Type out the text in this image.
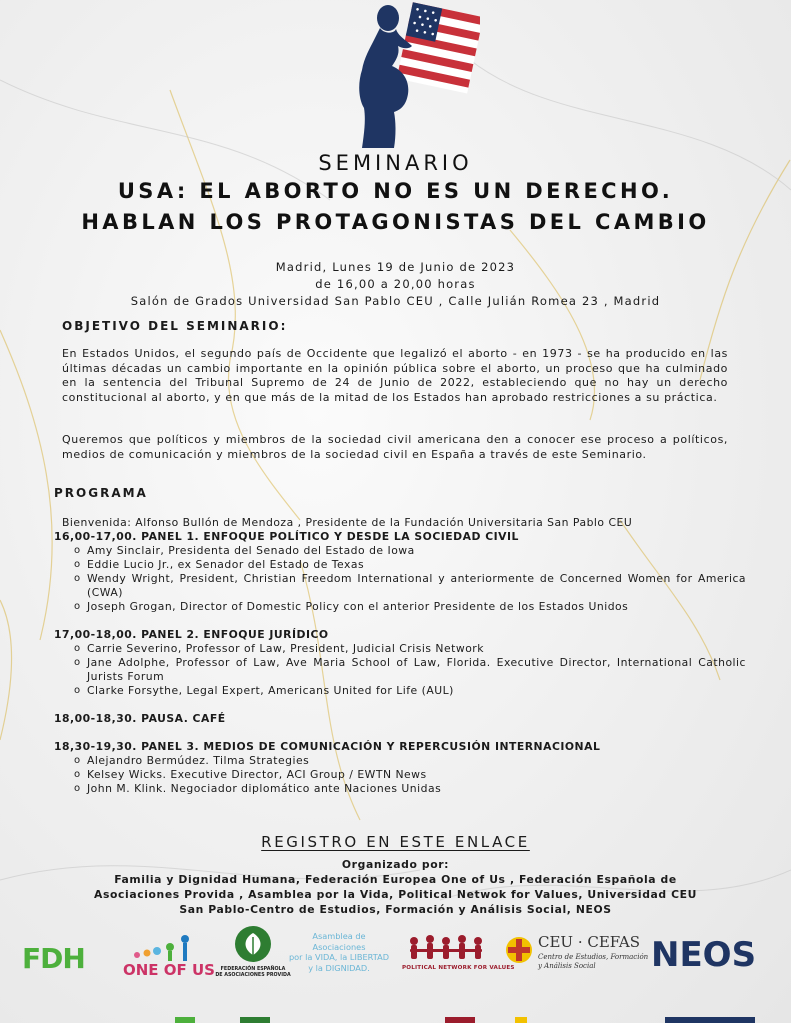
SEMINARIO
USA: EL ABORTO NO ES UN DERECHO.
HABLAN LOS PROTAGONISTAS DEL CAMBIO
Madrid, Lunes 19 de Junio de 2023
de 16,00 a 20,00 horas
Salón de Grados Universidad San Pablo CEU , Calle Julián Romea 23 , Madrid
OBJETIVO DEL SEMINARIO:
En Estados Unidos, el segundo país de Occidente que legalizó el aborto - en 1973 - se ha producido en las últimas décadas un cambio importante en la opinión pública sobre el aborto, un proceso que ha culminado en la sentencia del Tribunal Supremo de 24 de Junio de 2022, estableciendo que no hay un derecho constitucional al aborto, y en que más de la mitad de los Estados han aprobado restricciones a su práctica.
Queremos que políticos y miembros de la sociedad civil americana den a conocer ese proceso a políticos, medios de comunicación y miembros de la sociedad civil en España a través de este Seminario.
PROGRAMA
Bienvenida: Alfonso Bullón de Mendoza , Presidente de la Fundación Universitaria San Pablo CEU
16,00-17,00. PANEL 1. ENFOQUE POLÍTICO Y DESDE LA SOCIEDAD CIVIL
o Amy Sinclair, Presidenta del Senado del Estado de Iowa
o Eddie Lucio Jr., ex Senador del Estado de Texas
o Wendy Wright, President, Christian Freedom International y anteriormente de Concerned Women for America (CWA)
o Joseph Grogan, Director of Domestic Policy con el anterior Presidente de los Estados Unidos
17,00-18,00. PANEL 2. ENFOQUE JURÍDICO
o Carrie Severino, Professor of Law, President, Judicial Crisis Network
o Jane Adolphe, Professor of Law, Ave Maria School of Law, Florida. Executive Director, International Catholic Jurists Forum
o Clarke Forsythe, Legal Expert, Americans United for Life (AUL)
18,00-18,30. PAUSA. CAFÉ
18,30-19,30. PANEL 3. MEDIOS DE COMUNICACIÓN Y REPERCUSIÓN INTERNACIONAL
o Alejandro Bermúdez. Tilma Strategies
o Kelsey Wicks. Executive Director, ACI Group / EWTN News
o John M. Klink. Negociador diplomático ante Naciones Unidas
REGISTRO EN ESTE ENLACE
Organizado por:
Familia y Dignidad Humana, Federación Europea One of Us , Federación Española de
Asociaciones Provida , Asamblea por la Vida, Political Netwok for Values, Universidad CEU
San Pablo-Centro de Estudios, Formación y Análisis Social, NEOS
FDH	ONE OF US	FEDERACIÓN ESPAÑOLA
DE ASOCIACIONES PROVIDA
Asamblea de Asociaciones
por la VIDA, la LIBERTAD
y la DIGNIDAD.	POLITICAL NETWORK FOR VALUES
CEU · CEFAS
Centro de Estudios, Formación
y Análisis Social	NEOS
